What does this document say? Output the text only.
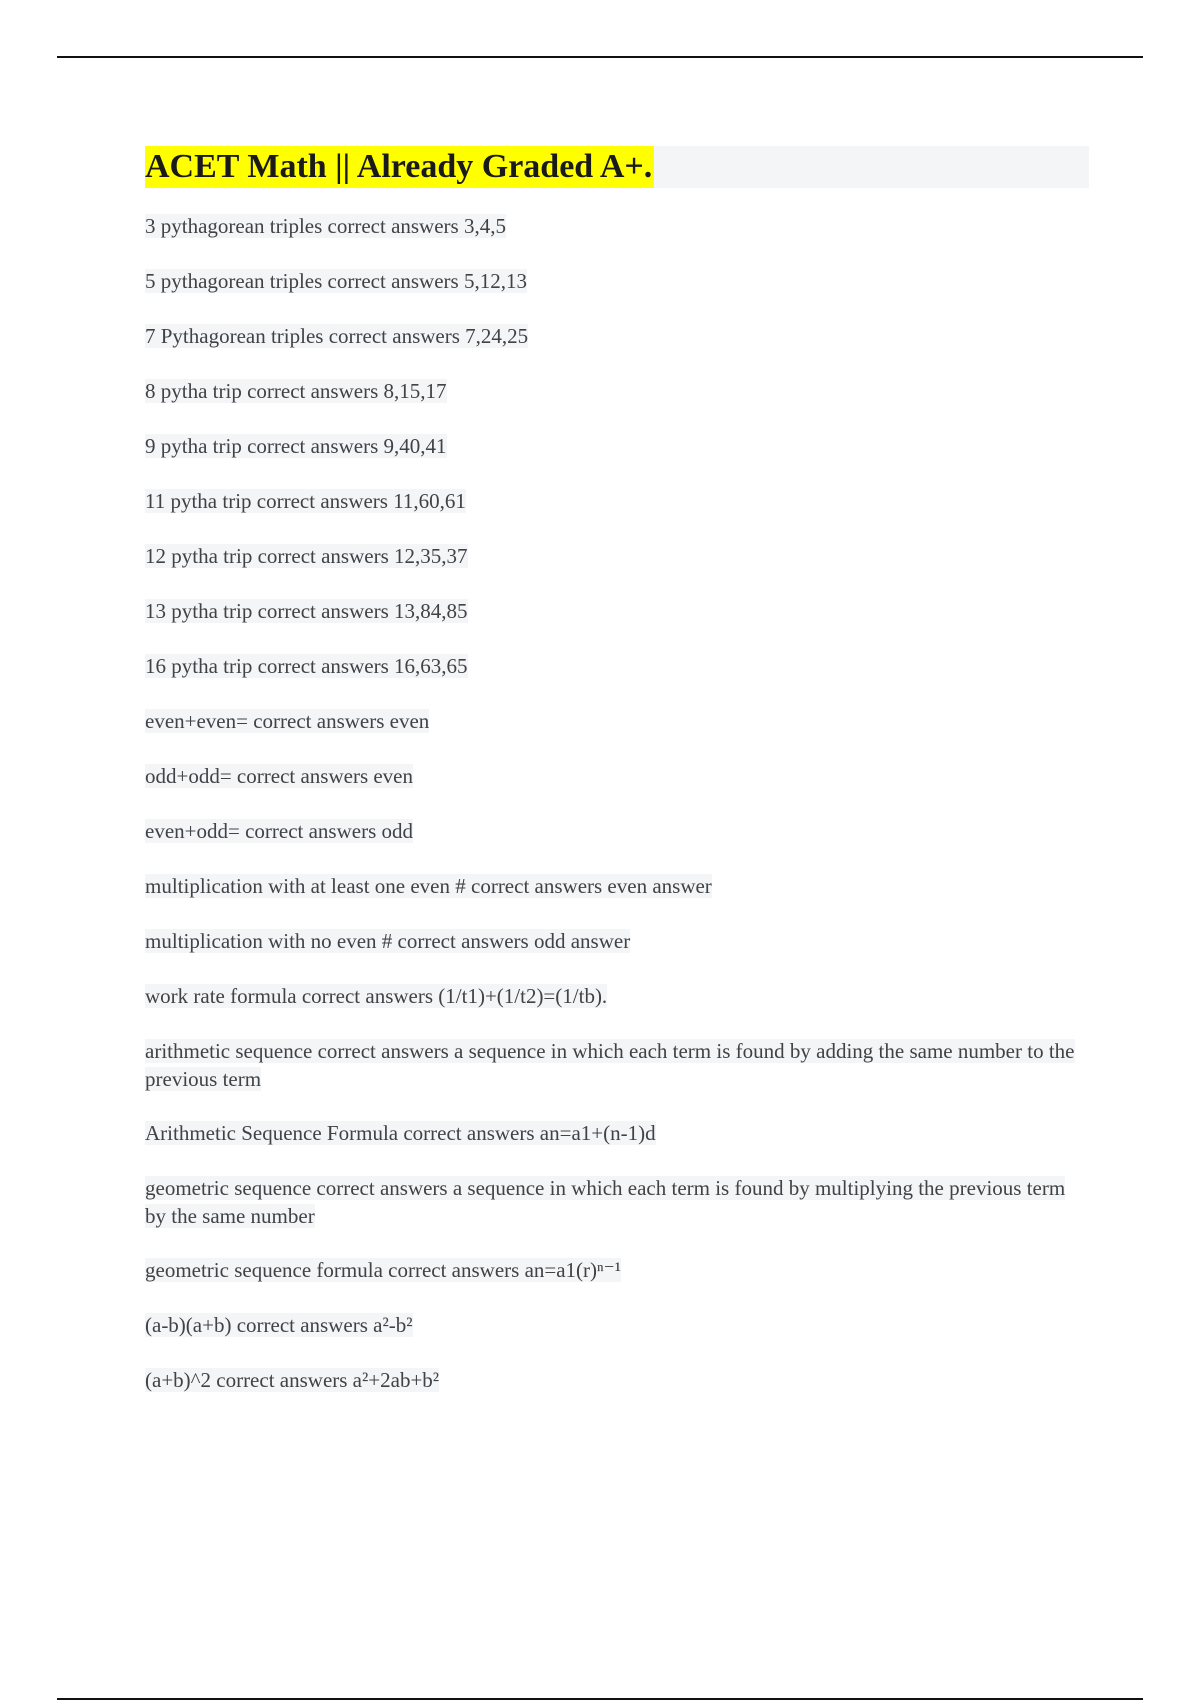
ACET Math || Already Graded A+.
3 pythagorean triples correct answers 3,4,5
5 pythagorean triples correct answers 5,12,13
7 Pythagorean triples correct answers 7,24,25
8 pytha trip correct answers 8,15,17
9 pytha trip correct answers 9,40,41
11 pytha trip correct answers 11,60,61
12 pytha trip correct answers 12,35,37
13 pytha trip correct answers 13,84,85
16 pytha trip correct answers 16,63,65
even+even= correct answers even
odd+odd= correct answers even
even+odd= correct answers odd
multiplication with at least one even # correct answers even answer
multiplication with no even # correct answers odd answer
work rate formula correct answers (1/t1)+(1/t2)=(1/tb).
arithmetic sequence correct answers a sequence in which each term is found by adding the same number to the previous term
Arithmetic Sequence Formula correct answers an=a1+(n-1)d
geometric sequence correct answers a sequence in which each term is found by multiplying the previous term by the same number
geometric sequence formula correct answers an=a1(r)ⁿ⁻¹
(a-b)(a+b) correct answers a²-b²
(a+b)^2 correct answers a²+2ab+b²
